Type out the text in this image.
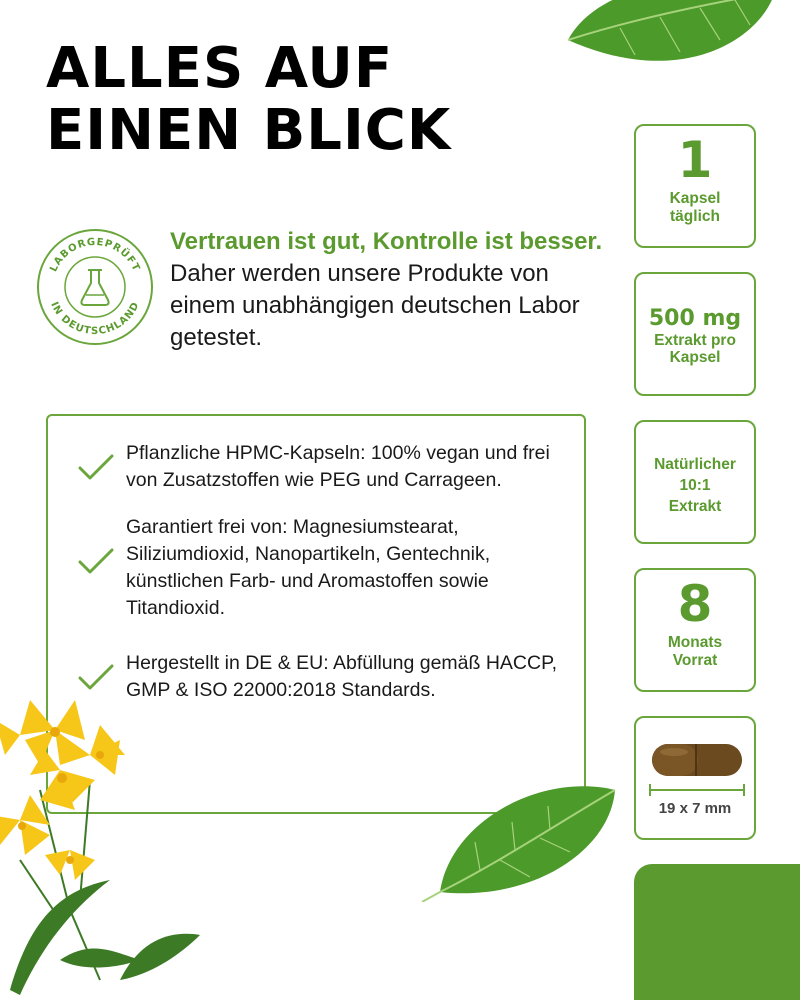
ALLES AUF
EINEN BLICK
LABORGEPRÜFT
IN DEUTSCHLAND
Vertrauen ist gut, Kontrolle ist besser.
Daher werden unsere Produkte von einem unabhängigen deutschen Labor getestet.
Pflanzliche HPMC-Kapseln: 100% vegan und frei von Zusatzstoffen wie PEG und Carrageen.
Garantiert frei von: Magnesiumstearat, Siliziumdioxid, Nanopartikeln, Gentechnik, künstlichen Farb- und Aromastoffen sowie Titandioxid.
Hergestellt in DE & EU: Abfüllung gemäß HACCP, GMP & ISO 22000:2018 Standards.
1
Kapsel
täglich
500 mg
Extrakt pro
Kapsel
Natürlicher
10:1
Extrakt
8
Monats
Vorrat
19 x 7 mm
